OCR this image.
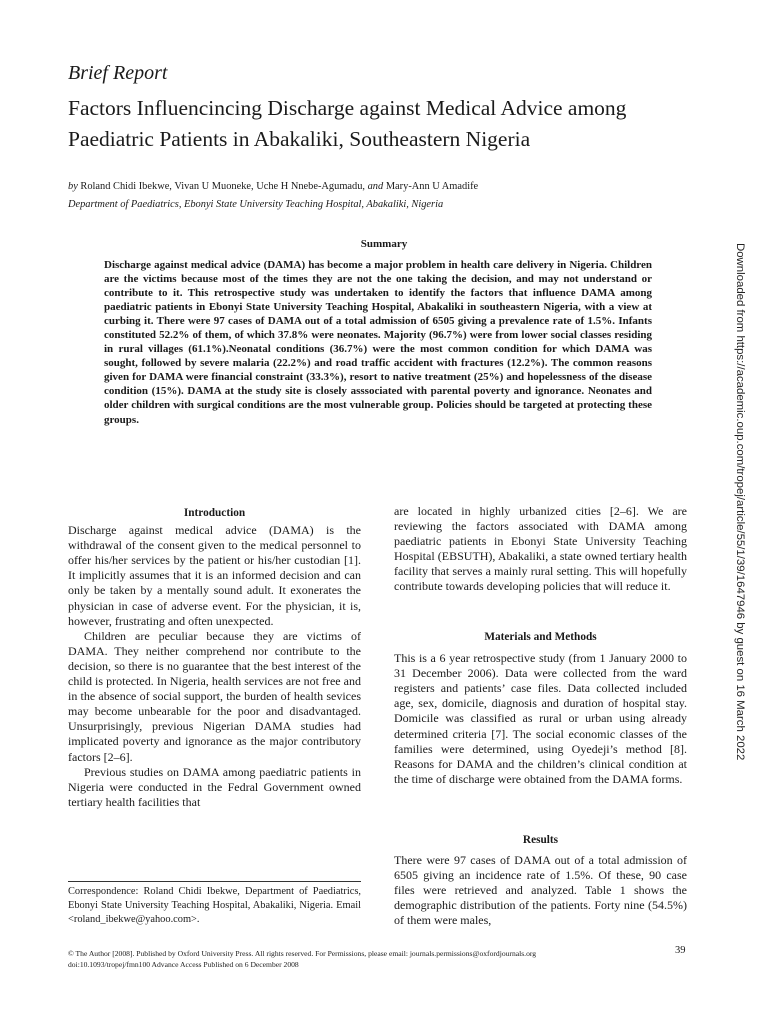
Brief Report
Factors Influencincing Discharge against Medical Advice among Paediatric Patients in Abakaliki, Southeastern Nigeria
by Roland Chidi Ibekwe, Vivan U Muoneke, Uche H Nnebe-Agumadu, and Mary-Ann U Amadife
Department of Paediatrics, Ebonyi State University Teaching Hospital, Abakaliki, Nigeria
Summary
Discharge against medical advice (DAMA) has become a major problem in health care delivery in Nigeria. Children are the victims because most of the times they are not the one taking the decision, and may not understand or contribute to it. This retrospective study was undertaken to identify the factors that influence DAMA among paediatric patients in Ebonyi State University Teaching Hospital, Abakaliki in southeastern Nigeria, with a view at curbing it. There were 97 cases of DAMA out of a total admission of 6505 giving a prevalence rate of 1.5%. Infants constituted 52.2% of them, of which 37.8% were neonates. Majority (96.7%) were from lower social classes residing in rural villages (61.1%).Neonatal conditions (36.7%) were the most common condition for which DAMA was sought, followed by severe malaria (22.2%) and road traffic accident with fractures (12.2%). The common reasons given for DAMA were financial constraint (33.3%), resort to native treatment (25%) and hopelessness of the disease condition (15%). DAMA at the study site is closely asssociated with parental poverty and ignorance. Neonates and older children with surgical conditions are the most vulnerable group. Policies should be targeted at protecting these groups.
Introduction

Discharge against medical advice (DAMA) is the withdrawal of the consent given to the medical personnel to offer his/her services by the patient or his/her custodian [1]. It implicitly assumes that it is an informed decision and can only be taken by a mentally sound adult. It exonerates the physician in case of adverse event. For the physician, it is, however, frustrating and often unexpected.

Children are peculiar because they are victims of DAMA. They neither comprehend nor contribute to the decision, so there is no guarantee that the best interest of the child is protected. In Nigeria, health services are not free and in the absence of social support, the burden of health sevices may become unbearable for the poor and disadvantaged. Unsurprisingly, previous Nigerian DAMA studies had implicated poverty and ignorance as the major contributory factors [2–6].

Previous studies on DAMA among paediatric patients in Nigeria were conducted in the Fedral Government owned tertiary health facilities that

Correspondence: Roland Chidi Ibekwe, Department of Paediatrics, Ebonyi State University Teaching Hospital, Abakaliki, Nigeria. Email <roland_ibekwe@yahoo.com>.
are located in highly urbanized cities [2–6]. We are reviewing the factors associated with DAMA among paediatric patients in Ebonyi State University Teaching Hospital (EBSUTH), Abakaliki, a state owned tertiary health facility that serves a mainly rural setting. This will hopefully contribute towards developing policies that will reduce it.
Materials and Methods

This is a 6 year retrospective study (from 1 January 2000 to 31 December 2006). Data were collected from the ward registers and patients’ case files. Data collected included age, sex, domicile, diagnosis and duration of hospital stay. Domicile was classified as rural or urban using already determined criteria [7]. The social economic classes of the families were determined, using Oyedeji’s method [8]. Reasons for DAMA and the children’s clinical condition at the time of discharge were obtained from the DAMA forms.

Results

There were 97 cases of DAMA out of a total admission of 6505 giving an incidence rate of 1.5%. Of these, 90 case files were retrieved and analyzed. Table 1 shows the demographic distribution of the patients. Forty nine (54.5%) of them were males,

© The Author [2008]. Published by Oxford University Press. All rights reserved. For Permissions, please email: journals.permissions@oxfordjournals.org
doi:10.1093/tropej/fmn100 Advance Access Published on 6 December 2008
39
Downloaded from https://academic.oup.com/tropej/article/55/1/39/1647946 by guest on 16 March 2022
